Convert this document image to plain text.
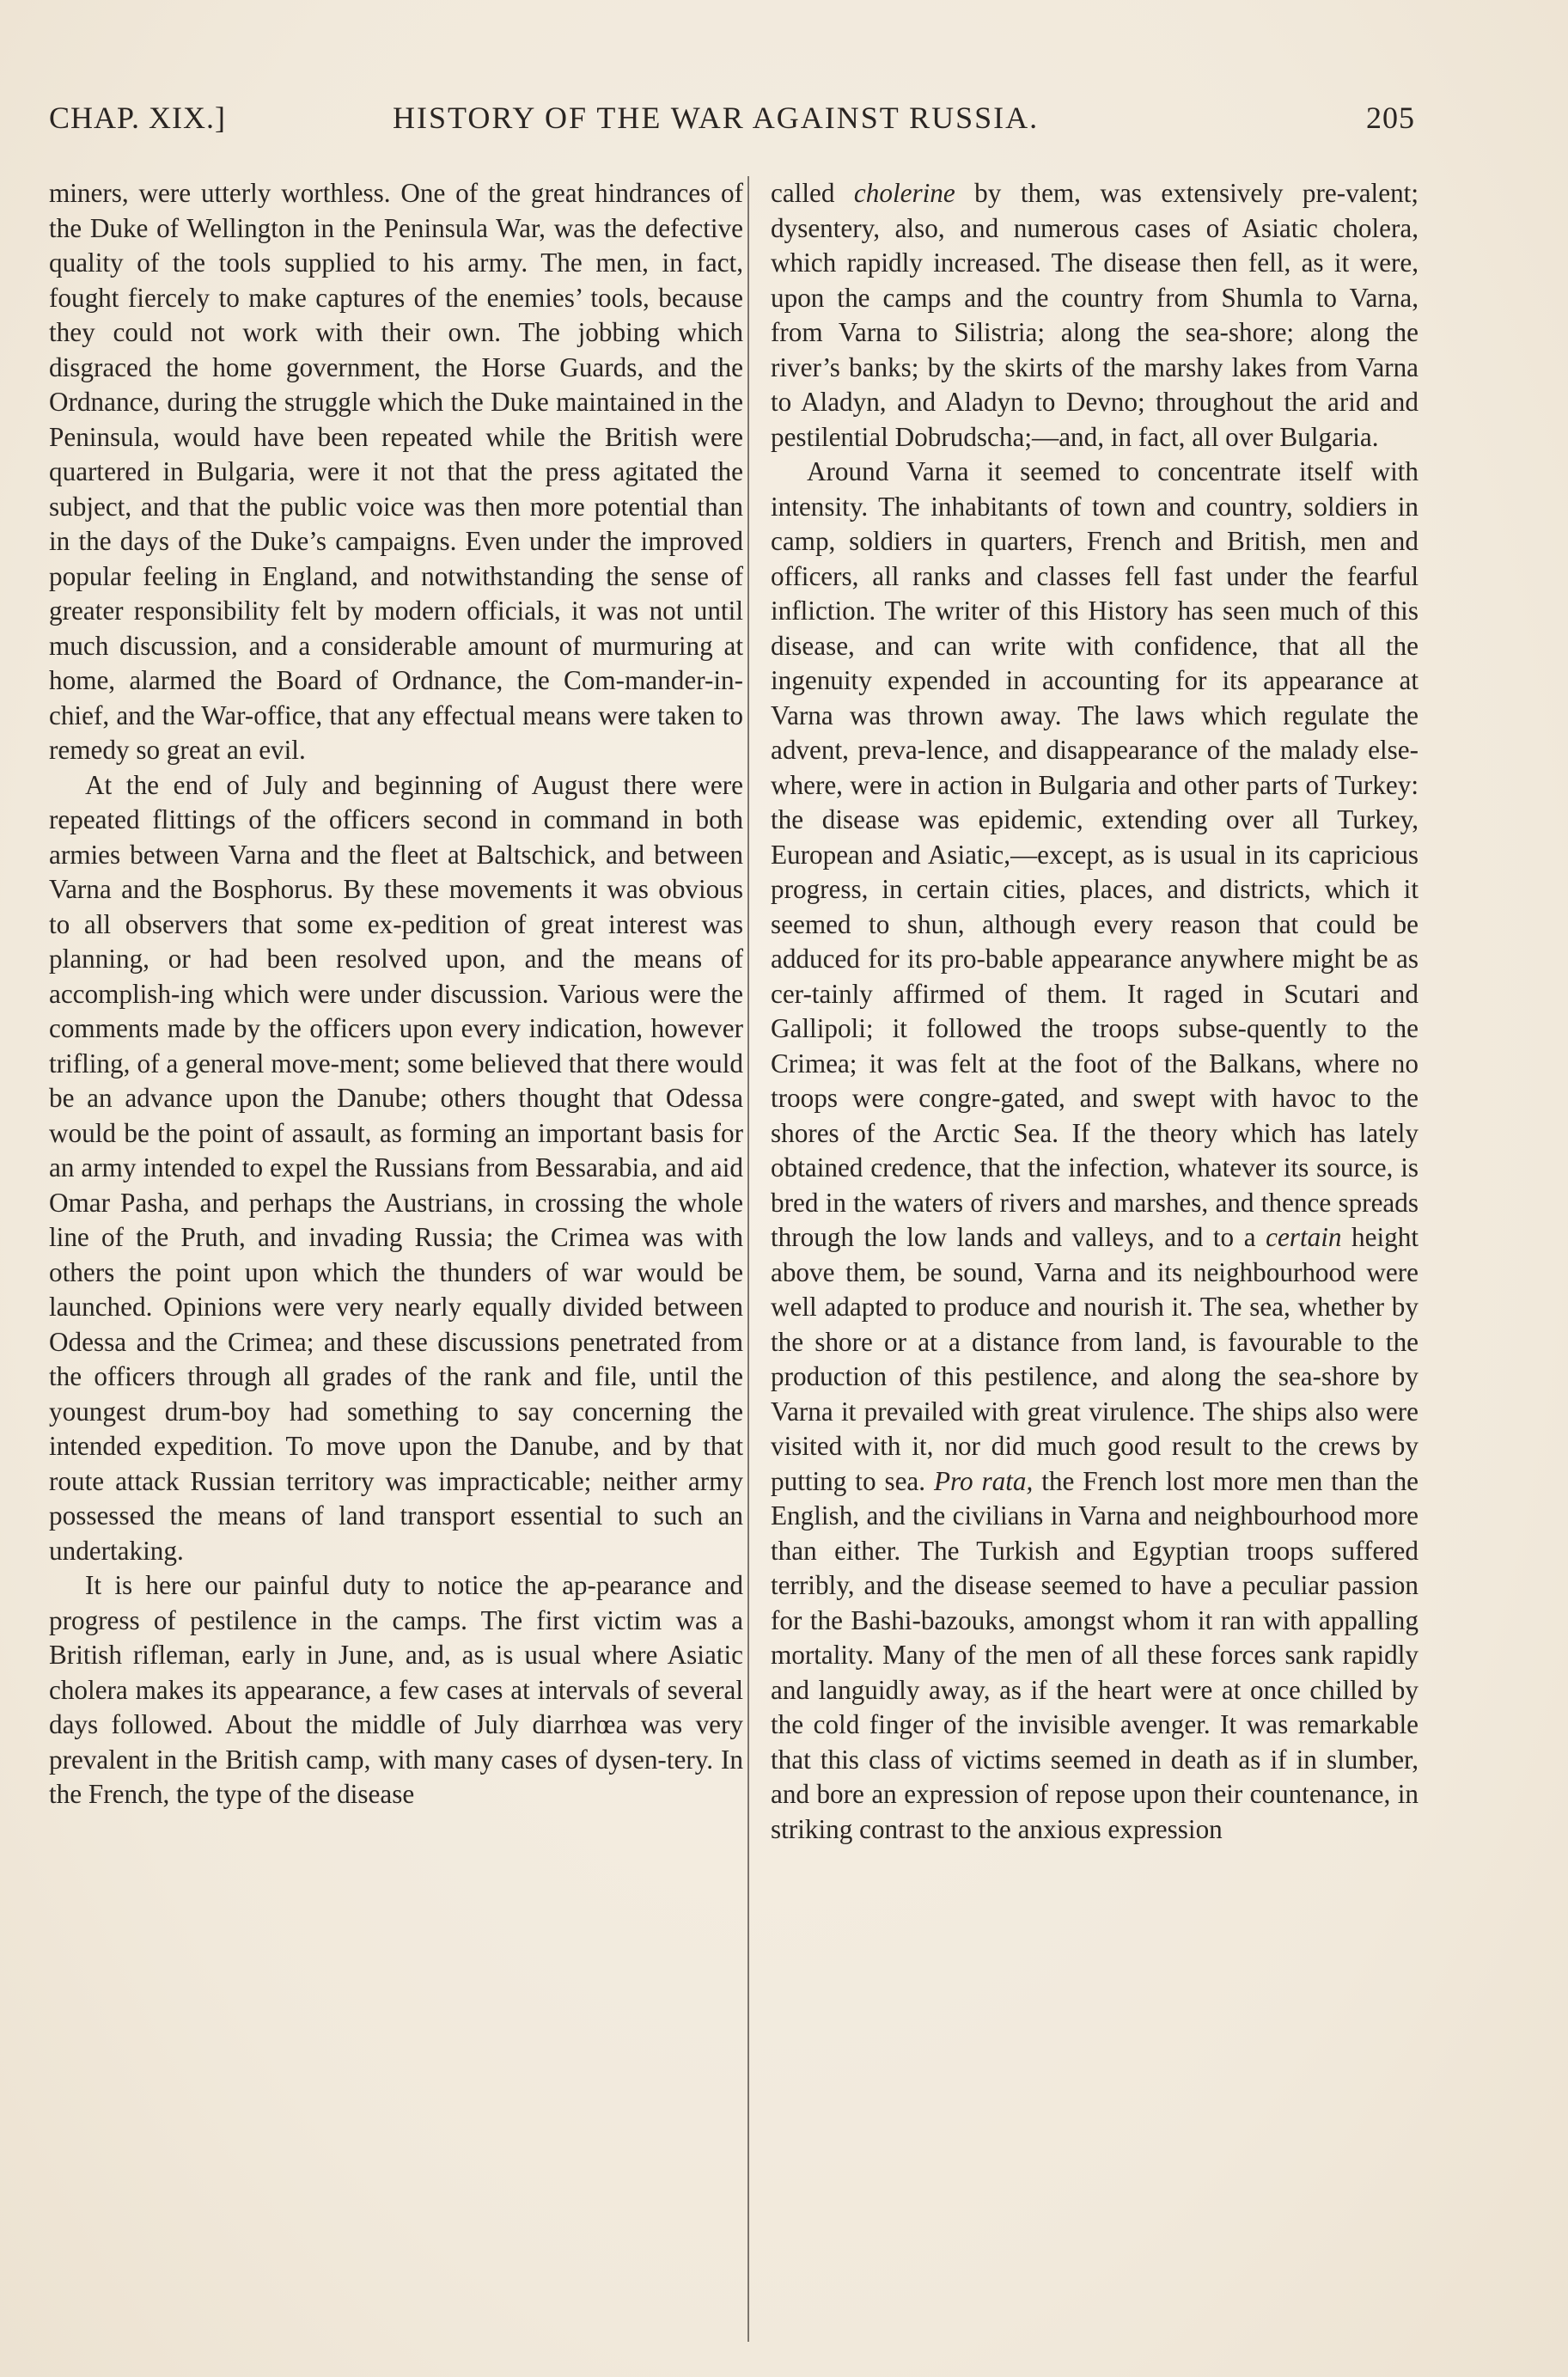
CHAP. XIX.]	HISTORY OF THE WAR AGAINST RUSSIA.	205

miners, were utterly worthless. One of the great hindrances of the Duke of Wellington in the Peninsula War, was the defective quality of the tools supplied to his army. The men, in fact, fought fiercely to make captures of the enemies’ tools, because they could not work with their own. The jobbing which disgraced the home government, the Horse Guards, and the Ordnance, during the struggle which the Duke maintained in the Peninsula, would have been repeated while the British were quartered in Bulgaria, were it not that the press agitated the subject, and that the public voice was then more potential than in the days of the Duke’s campaigns. Even under the improved popular feeling in England, and notwithstanding the sense of greater responsibility felt by modern officials, it was not until much discussion, and a considerable amount of murmuring at home, alarmed the Board of Ordnance, the Com-mander-in-chief, and the War-office, that any effectual means were taken to remedy so great an evil.

At the end of July and beginning of August there were repeated flittings of the officers second in command in both armies between Varna and the fleet at Baltschick, and between Varna and the Bosphorus. By these movements it was obvious to all observers that some ex-pedition of great interest was planning, or had been resolved upon, and the means of accomplish-ing which were under discussion. Various were the comments made by the officers upon every indication, however trifling, of a general move-ment; some believed that there would be an advance upon the Danube; others thought that Odessa would be the point of assault, as forming an important basis for an army intended to expel the Russians from Bessarabia, and aid Omar Pasha, and perhaps the Austrians, in crossing the whole line of the Pruth, and invading Russia; the Crimea was with others the point upon which the thunders of war would be launched. Opinions were very nearly equally divided between Odessa and the Crimea; and these discussions penetrated from the officers through all grades of the rank and file, until the youngest drum-boy had something to say concerning the intended expedition. To move upon the Danube, and by that route attack Russian territory was impracticable; neither army possessed the means of land transport essential to such an undertaking.

It is here our painful duty to notice the ap-pearance and progress of pestilence in the camps. The first victim was a British rifleman, early in June, and, as is usual where Asiatic cholera makes its appearance, a few cases at intervals of several days followed. About the middle of July diarrhœa was very prevalent in the British camp, with many cases of dysen-tery. In the French, the type of the disease

called cholerine by them, was extensively pre-valent; dysentery, also, and numerous cases of Asiatic cholera, which rapidly increased. The disease then fell, as it were, upon the camps and the country from Shumla to Varna, from Varna to Silistria; along the sea-shore; along the river’s banks; by the skirts of the marshy lakes from Varna to Aladyn, and Aladyn to Devno; throughout the arid and pestilential Dobrudscha;—and, in fact, all over Bulgaria.

Around Varna it seemed to concentrate itself with intensity. The inhabitants of town and country, soldiers in camp, soldiers in quarters, French and British, men and officers, all ranks and classes fell fast under the fearful infliction. The writer of this History has seen much of this disease, and can write with confidence, that all the ingenuity expended in accounting for its appearance at Varna was thrown away. The laws which regulate the advent, preva-lence, and disappearance of the malady else-where, were in action in Bulgaria and other parts of Turkey: the disease was epidemic, extending over all Turkey, European and Asiatic,—except, as is usual in its capricious progress, in certain cities, places, and districts, which it seemed to shun, although every reason that could be adduced for its pro-bable appearance anywhere might be as cer-tainly affirmed of them. It raged in Scutari and Gallipoli; it followed the troops subse-quently to the Crimea; it was felt at the foot of the Balkans, where no troops were congre-gated, and swept with havoc to the shores of the Arctic Sea. If the theory which has lately obtained credence, that the infection, whatever its source, is bred in the waters of rivers and marshes, and thence spreads through the low lands and valleys, and to a certain height above them, be sound, Varna and its neighbourhood were well adapted to produce and nourish it. The sea, whether by the shore or at a distance from land, is favourable to the production of this pestilence, and along the sea-shore by Varna it prevailed with great virulence. The ships also were visited with it, nor did much good result to the crews by putting to sea. Pro rata, the French lost more men than the English, and the civilians in Varna and neighbourhood more than either. The Turkish and Egyptian troops suffered terribly, and the disease seemed to have a peculiar passion for the Bashi-bazouks, amongst whom it ran with appalling mortality. Many of the men of all these forces sank rapidly and languidly away, as if the heart were at once chilled by the cold finger of the invisible avenger. It was remarkable that this class of victims seemed in death as if in slumber, and bore an expression of repose upon their countenance, in striking contrast to the anxious expression
